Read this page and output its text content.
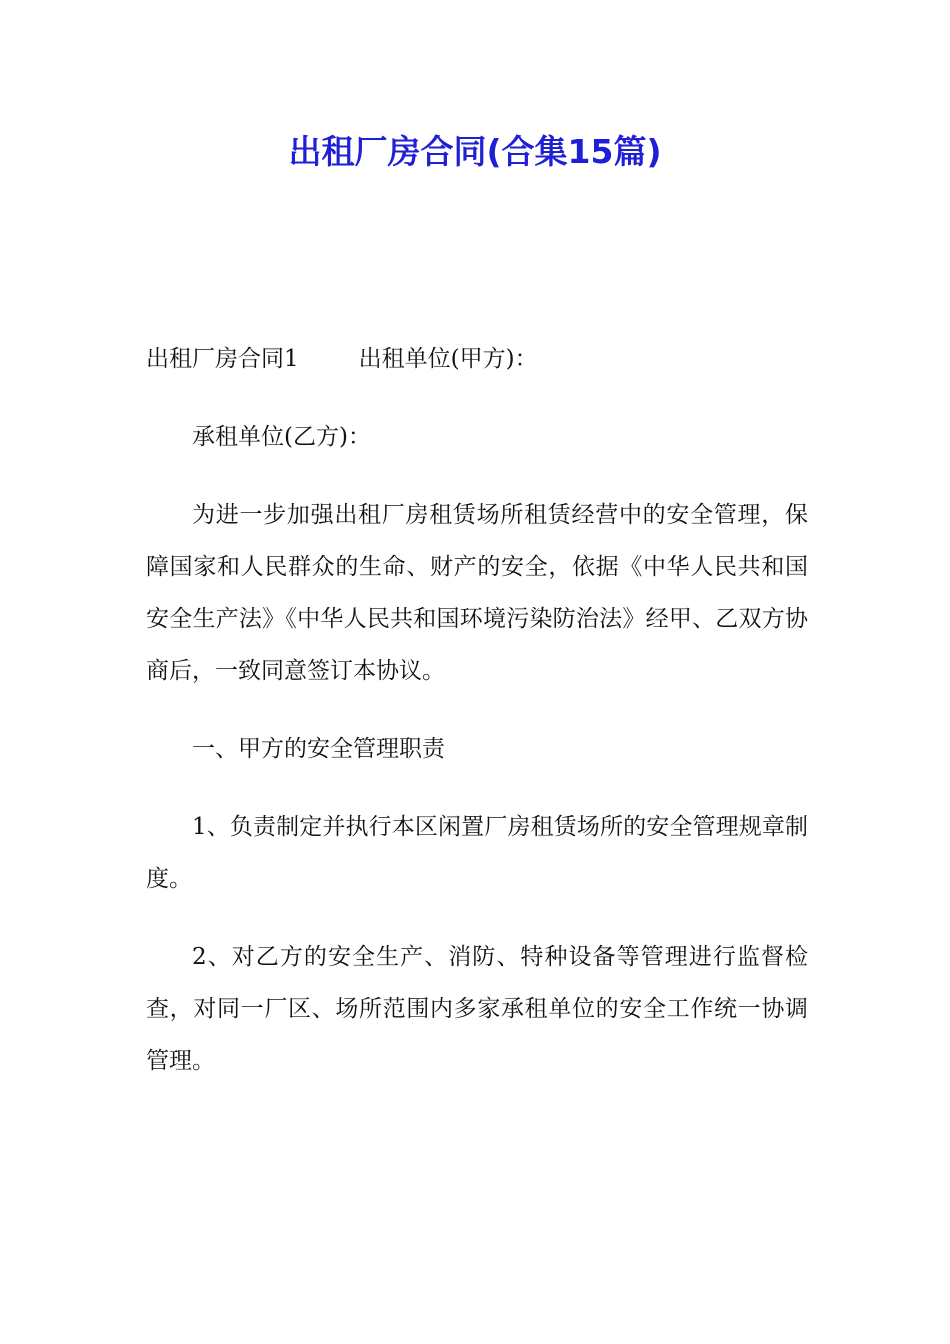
出租厂房合同(合集15篇)

出租厂房合同1	出租单位(甲方)：

承租单位(乙方)：

为进一步加强出租厂房租赁场所租赁经营中的安全管理，保障国家和人民群众的生命、财产的安全，依据《中华人民共和国安全生产法》《中华人民共和国环境污染防治法》经甲、乙双方协商后，一致同意签订本协议。

一、甲方的安全管理职责

1、负责制定并执行本区闲置厂房租赁场所的安全管理规章制度。

2、对乙方的安全生产、消防、特种设备等管理进行监督检查，对同一厂区、场所范围内多家承租单位的安全工作统一协调管理。
